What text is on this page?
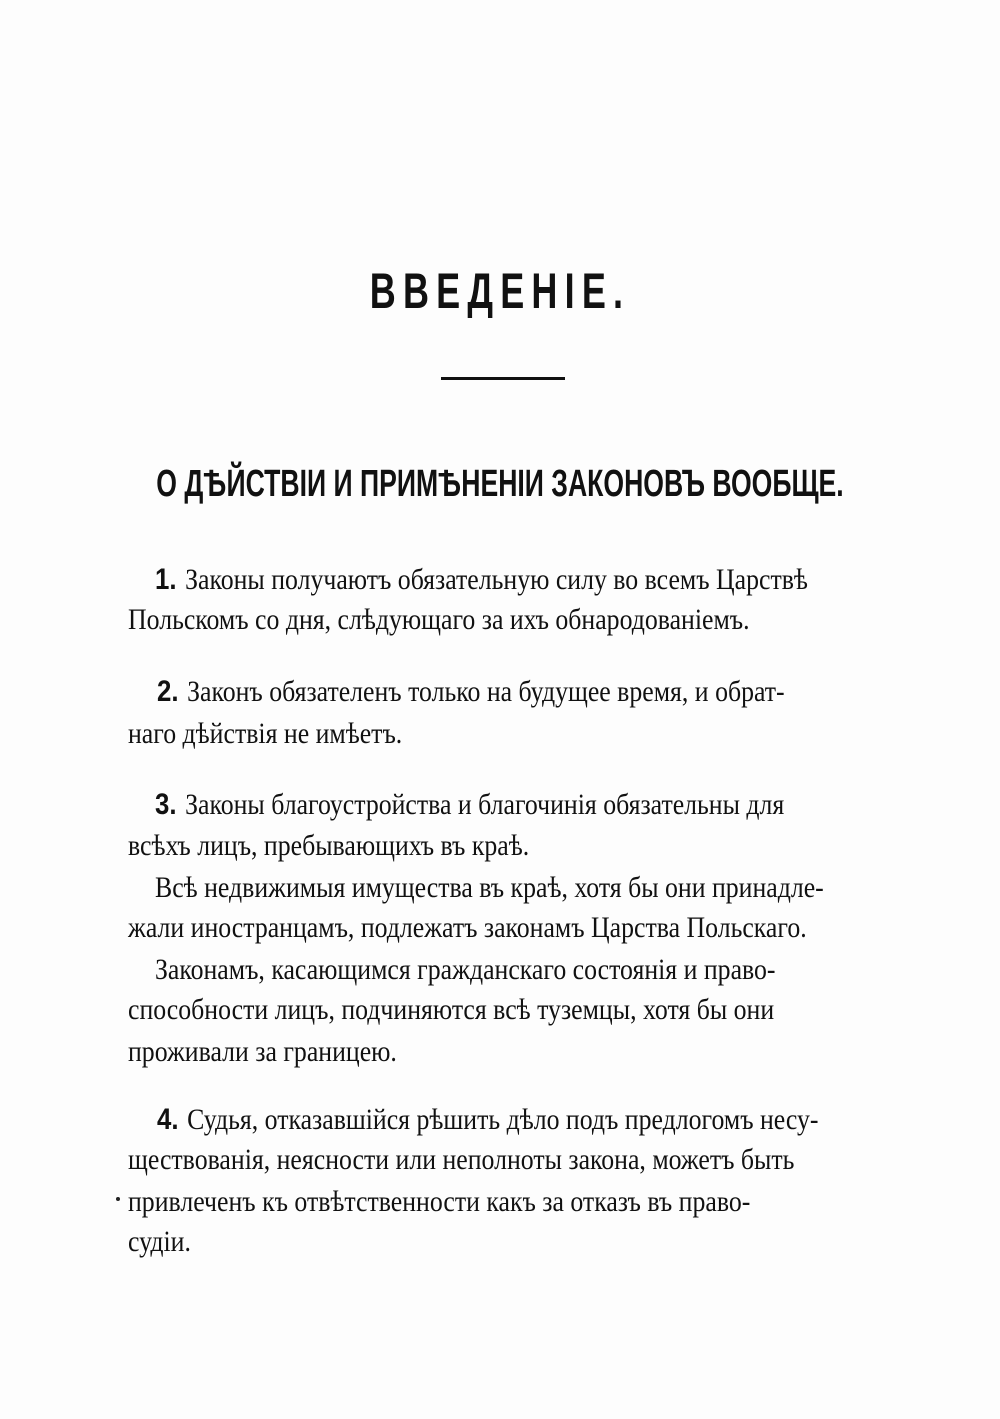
ВВЕДЕНІЕ.
О ДѢЙСТВІИ И ПРИМѢНЕНІИ ЗАКОНОВЪ ВООБЩЕ.
1. Законы получаютъ обязательную силу во всемъ Царствѣ
Польскомъ со дня, слѣдующаго за ихъ обнародованіемъ.
2. Законъ обязателенъ только на будущее время, и обрат-
наго дѣйствія не имѣетъ.
3. Законы благоустройства и благочинія обязательны для
всѣхъ лицъ, пребывающихъ въ краѣ.
Всѣ недвижимыя имущества въ краѣ, хотя бы они принадле-
жали иностранцамъ, подлежатъ законамъ Царства Польскаго.
Законамъ, касающимся гражданскаго состоянія и право-
способности лицъ, подчиняются всѣ туземцы, хотя бы они
проживали за границею.
4. Судья, отказавшійся рѣшить дѣло подъ предлогомъ несу-
ществованія, неясности или неполноты закона, можетъ быть
привлеченъ къ отвѣтственности какъ за отказъ въ право-
судіи.
